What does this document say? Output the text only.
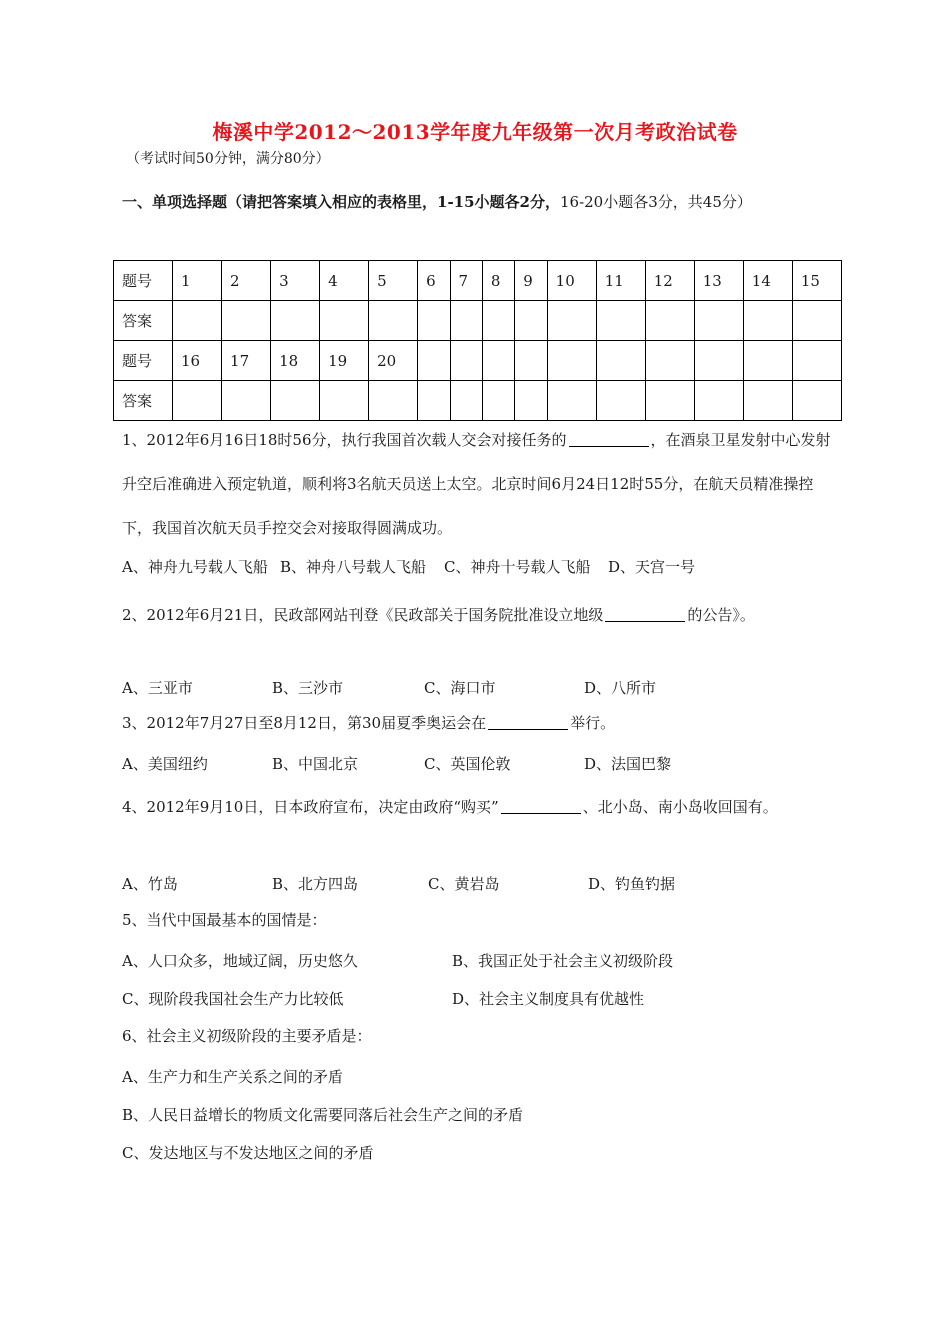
梅溪中学2012～2013学年度九年级第一次月考政治试卷
（考试时间50分钟，满分80分）
一、单项选择题（请把答案填入相应的表格里，1-15小题各2分，16-20小题各3分，共45分）
题号	1	2	3	4	5	6	7	8	9	10	11	12	13	14	15
答案															
题号	16	17	18	19	20										
答案															
1、2012年6月16日18时56分，执行我国首次载人交会对接任务的	，在酒泉卫星发射中心发射升空后准确进入预定轨道，顺利将3名航天员送上太空。北京时间6月24日12时55分，在航天员精准操控下，我国首次航天员手控交会对接取得圆满成功。
A、神舟九号载人飞船 B、神舟八号载人飞船 C、神舟十号载人飞船 D、天宫一号
2、2012年6月21日，民政部网站刊登《民政部关于国务院批准设立地级	的公告》。
A、三亚市	B、三沙市	C、海口市	D、八所市
3、2012年7月27日至8月12日，第30届夏季奥运会在	举行。
A、美国纽约	B、中国北京	C、英国伦敦	D、法国巴黎
4、2012年9月10日，日本政府宣布，决定由政府“购买”	、北小岛、南小岛收回国有。
A、竹岛	B、北方四岛	C、黄岩岛	D、钓鱼钓据
5、当代中国最基本的国情是：
A、人口众多，地域辽阔，历史悠久	B、我国正处于社会主义初级阶段
C、现阶段我国社会生产力比较低	D、社会主义制度具有优越性
6、社会主义初级阶段的主要矛盾是：
A、生产力和生产关系之间的矛盾
B、人民日益增长的物质文化需要同落后社会生产之间的矛盾
C、发达地区与不发达地区之间的矛盾
